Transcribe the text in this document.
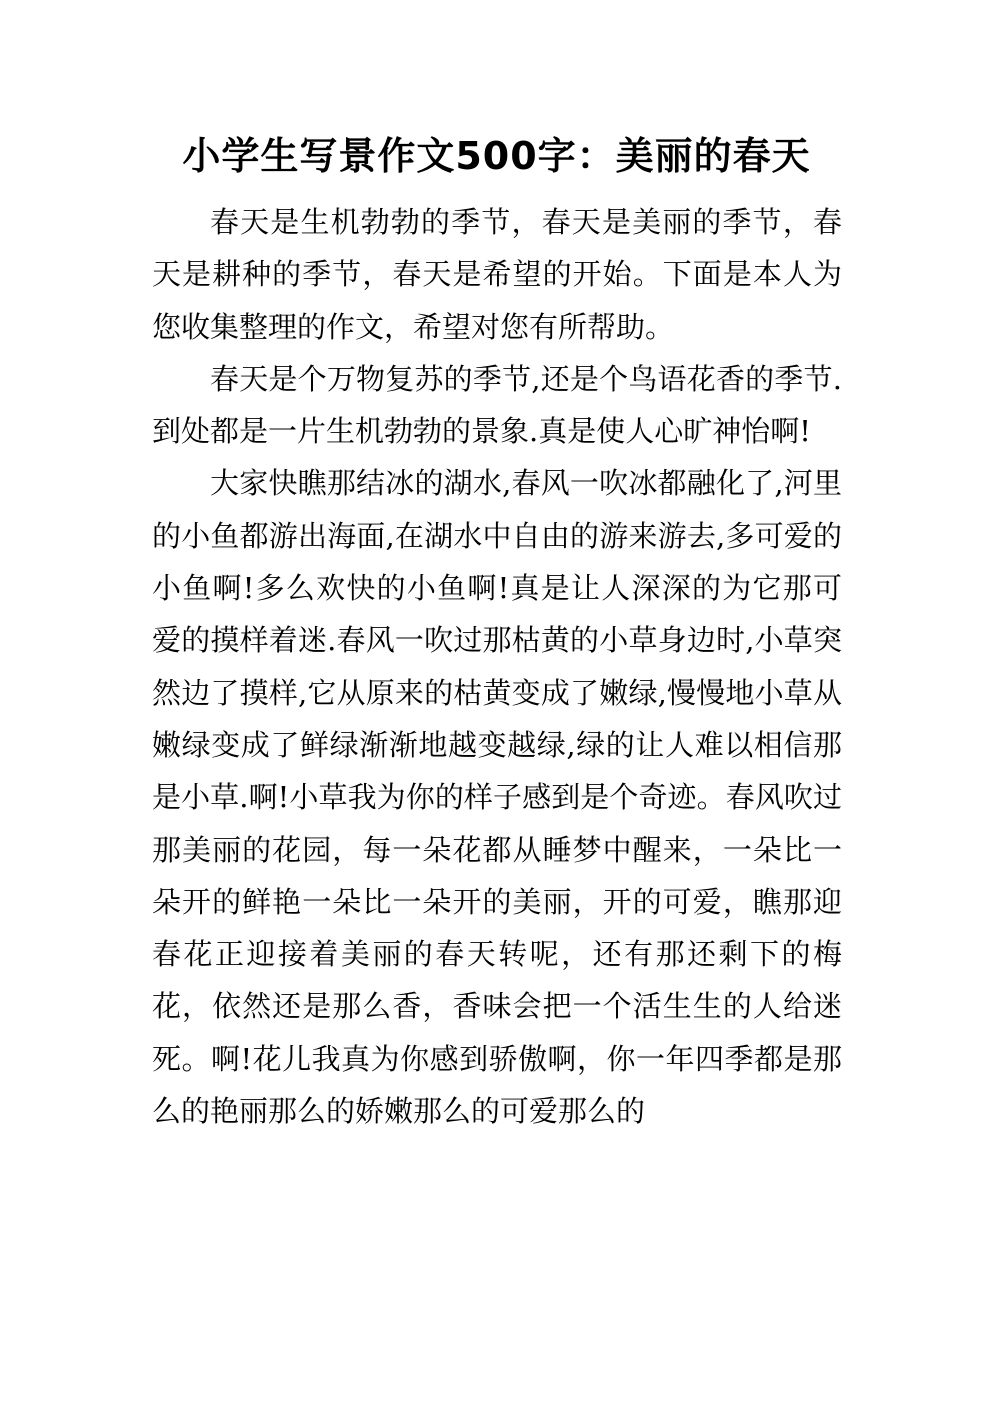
小学生写景作文500字：美丽的春天

春天是生机勃勃的季节，春天是美丽的季节，春天是耕种的季节，春天是希望的开始。下面是本人为您收集整理的作文，希望对您有所帮助。

春天是个万物复苏的季节,还是个鸟语花香的季节.到处都是一片生机勃勃的景象.真是使人心旷神怡啊!

大家快瞧那结冰的湖水,春风一吹冰都融化了,河里的小鱼都游出海面,在湖水中自由的游来游去,多可爱的小鱼啊!多么欢快的小鱼啊!真是让人深深的为它那可爱的摸样着迷.春风一吹过那枯黄的小草身边时,小草突然边了摸样,它从原来的枯黄变成了嫩绿,慢慢地小草从嫩绿变成了鲜绿渐渐地越变越绿,绿的让人难以相信那是小草.啊!小草我为你的样子感到是个奇迹。春风吹过那美丽的花园，每一朵花都从睡梦中醒来，一朵比一朵开的鲜艳一朵比一朵开的美丽，开的可爱，瞧那迎春花正迎接着美丽的春天转呢，还有那还剩下的梅花，依然还是那么香，香味会把一个活生生的人给迷死。啊!花儿我真为你感到骄傲啊，你一年四季都是那么的艳丽那么的娇嫩那么的可爱那么的
